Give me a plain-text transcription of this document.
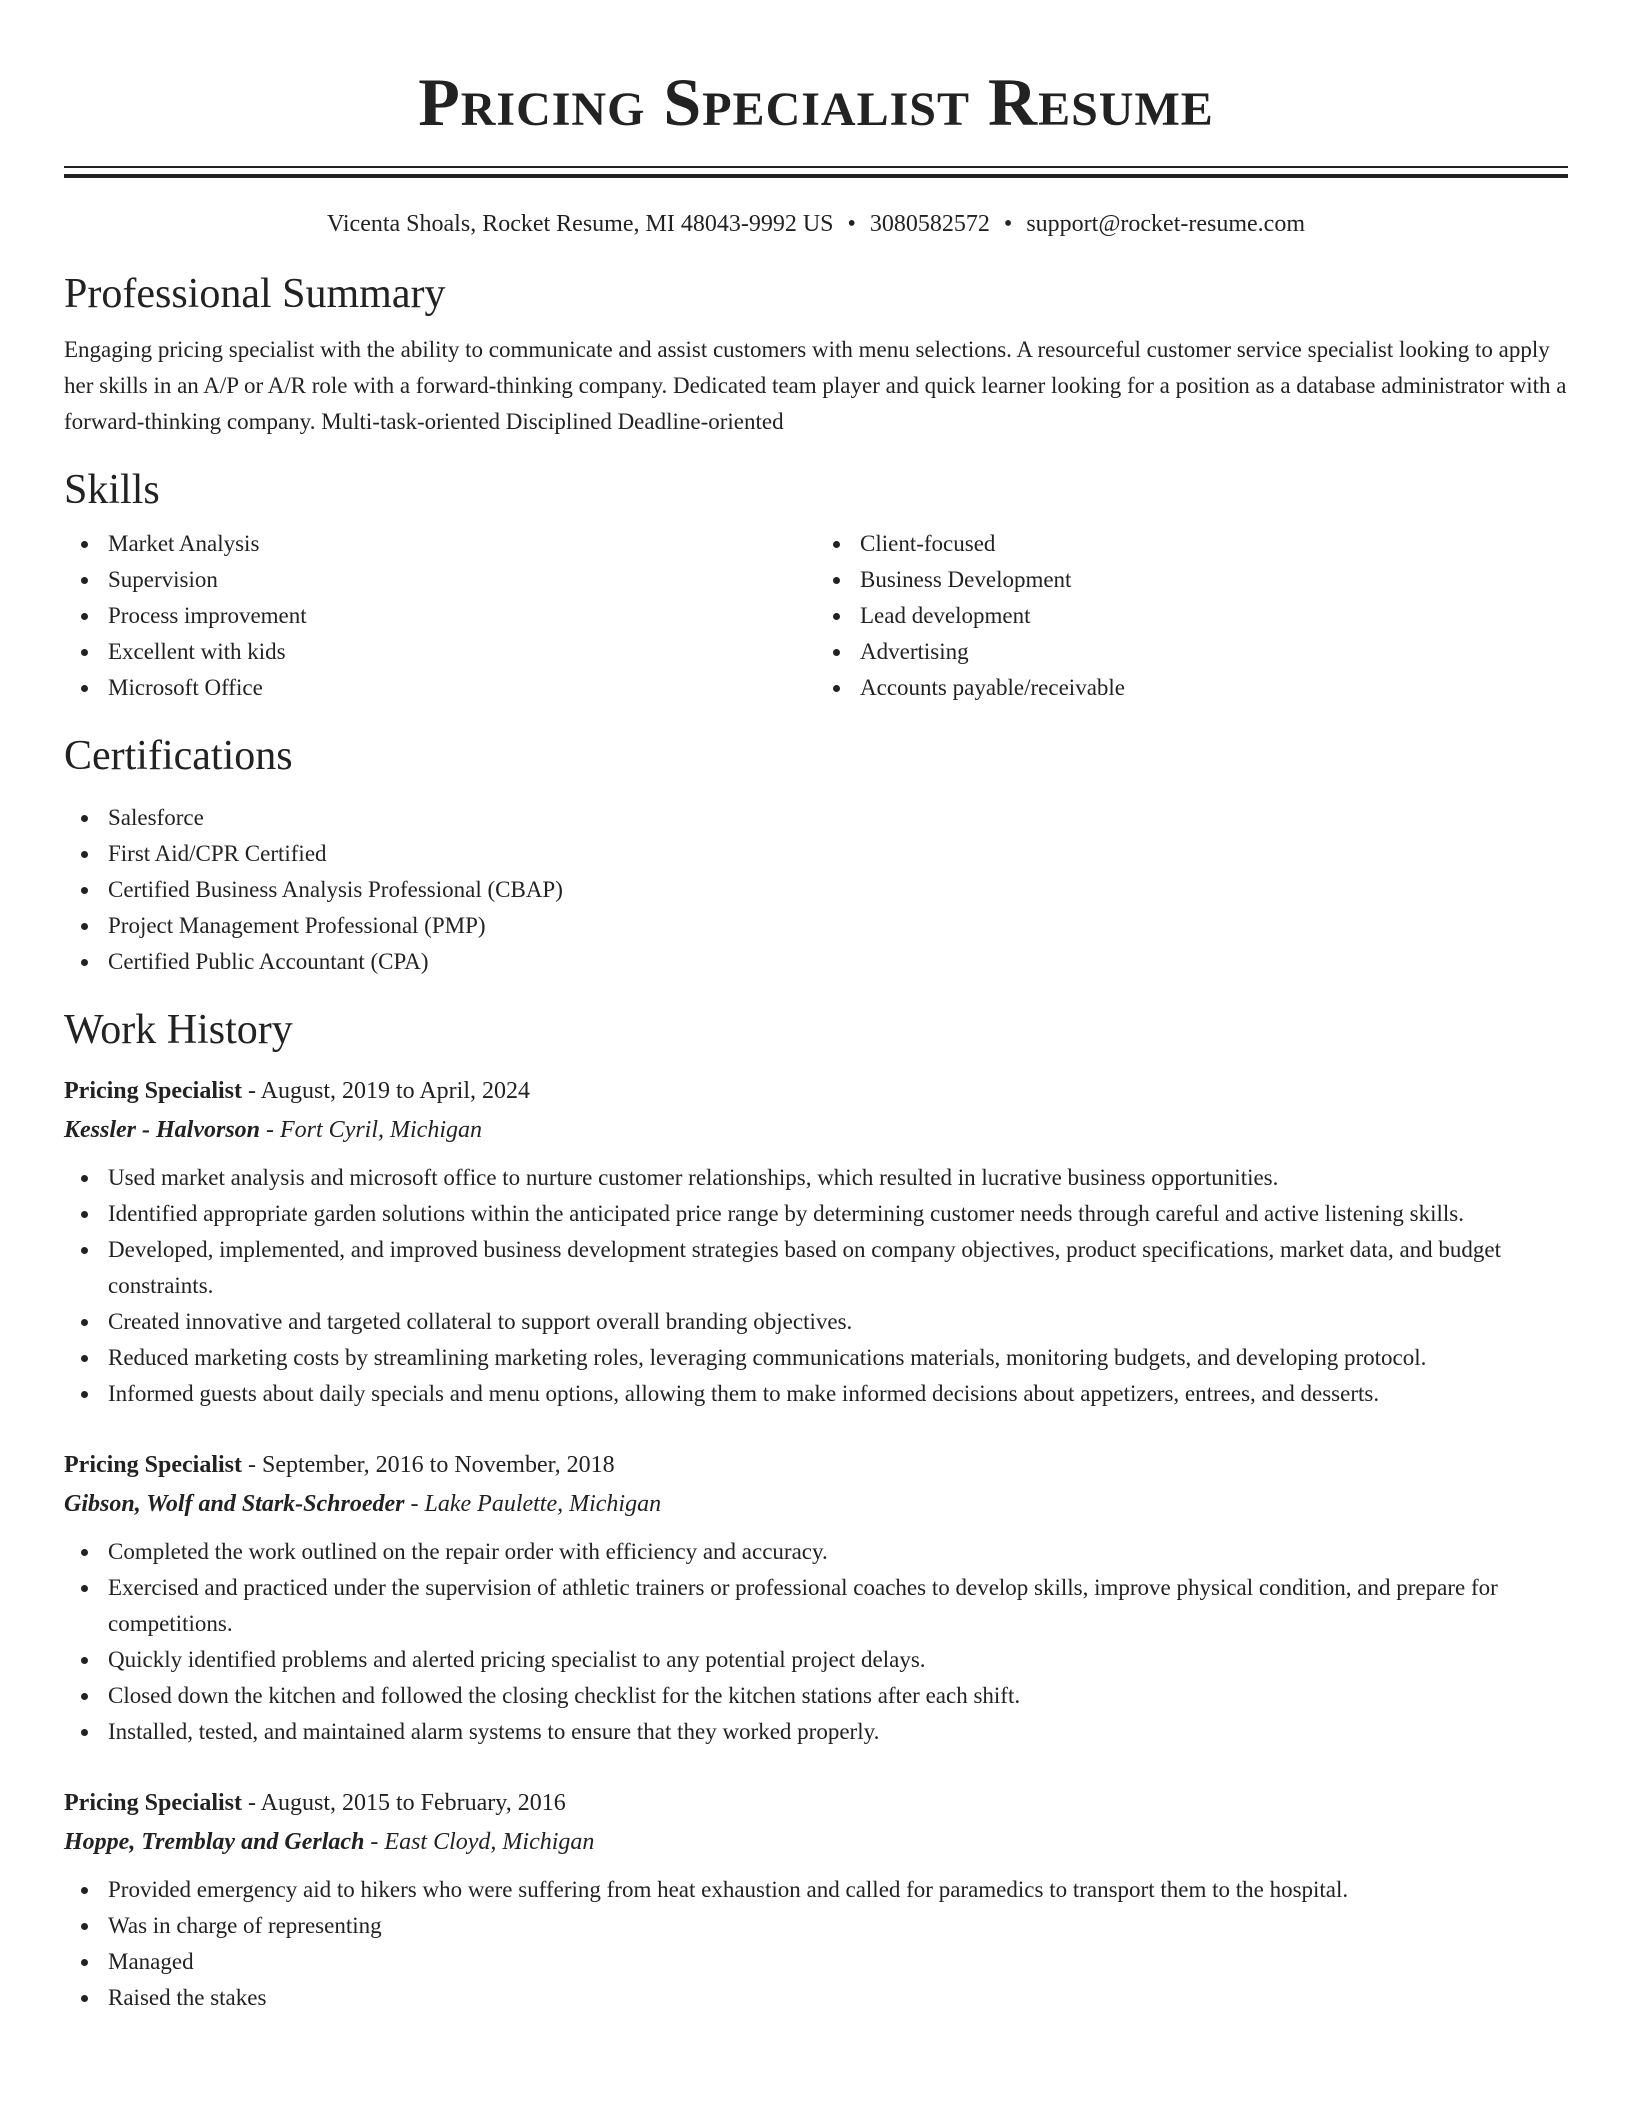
Pricing Specialist Resume
Vicenta Shoals, Rocket Resume, MI 48043-9992 US • 3080582572 • support@rocket-resume.com
Professional Summary
Engaging pricing specialist with the ability to communicate and assist customers with menu selections. A resourceful customer service specialist looking to apply her skills in an A/P or A/R role with a forward-thinking company. Dedicated team player and quick learner looking for a position as a database administrator with a forward-thinking company. Multi-task-oriented Disciplined Deadline-oriented
Skills
Market Analysis
Supervision
Process improvement
Excellent with kids
Microsoft Office
Client-focused
Business Development
Lead development
Advertising
Accounts payable/receivable
Certifications
Salesforce
First Aid/CPR Certified
Certified Business Analysis Professional (CBAP)
Project Management Professional (PMP)
Certified Public Accountant (CPA)
Work History
Pricing Specialist - August, 2019 to April, 2024
Kessler - Halvorson - Fort Cyril, Michigan
Used market analysis and microsoft office to nurture customer relationships, which resulted in lucrative business opportunities.
Identified appropriate garden solutions within the anticipated price range by determining customer needs through careful and active listening skills.
Developed, implemented, and improved business development strategies based on company objectives, product specifications, market data, and budget constraints.
Created innovative and targeted collateral to support overall branding objectives.
Reduced marketing costs by streamlining marketing roles, leveraging communications materials, monitoring budgets, and developing protocol.
Informed guests about daily specials and menu options, allowing them to make informed decisions about appetizers, entrees, and desserts.
Pricing Specialist - September, 2016 to November, 2018
Gibson, Wolf and Stark-Schroeder - Lake Paulette, Michigan
Completed the work outlined on the repair order with efficiency and accuracy.
Exercised and practiced under the supervision of athletic trainers or professional coaches to develop skills, improve physical condition, and prepare for competitions.
Quickly identified problems and alerted pricing specialist to any potential project delays.
Closed down the kitchen and followed the closing checklist for the kitchen stations after each shift.
Installed, tested, and maintained alarm systems to ensure that they worked properly.
Pricing Specialist - August, 2015 to February, 2016
Hoppe, Tremblay and Gerlach - East Cloyd, Michigan
Provided emergency aid to hikers who were suffering from heat exhaustion and called for paramedics to transport them to the hospital.
Was in charge of representing
Managed
Raised the stakes
